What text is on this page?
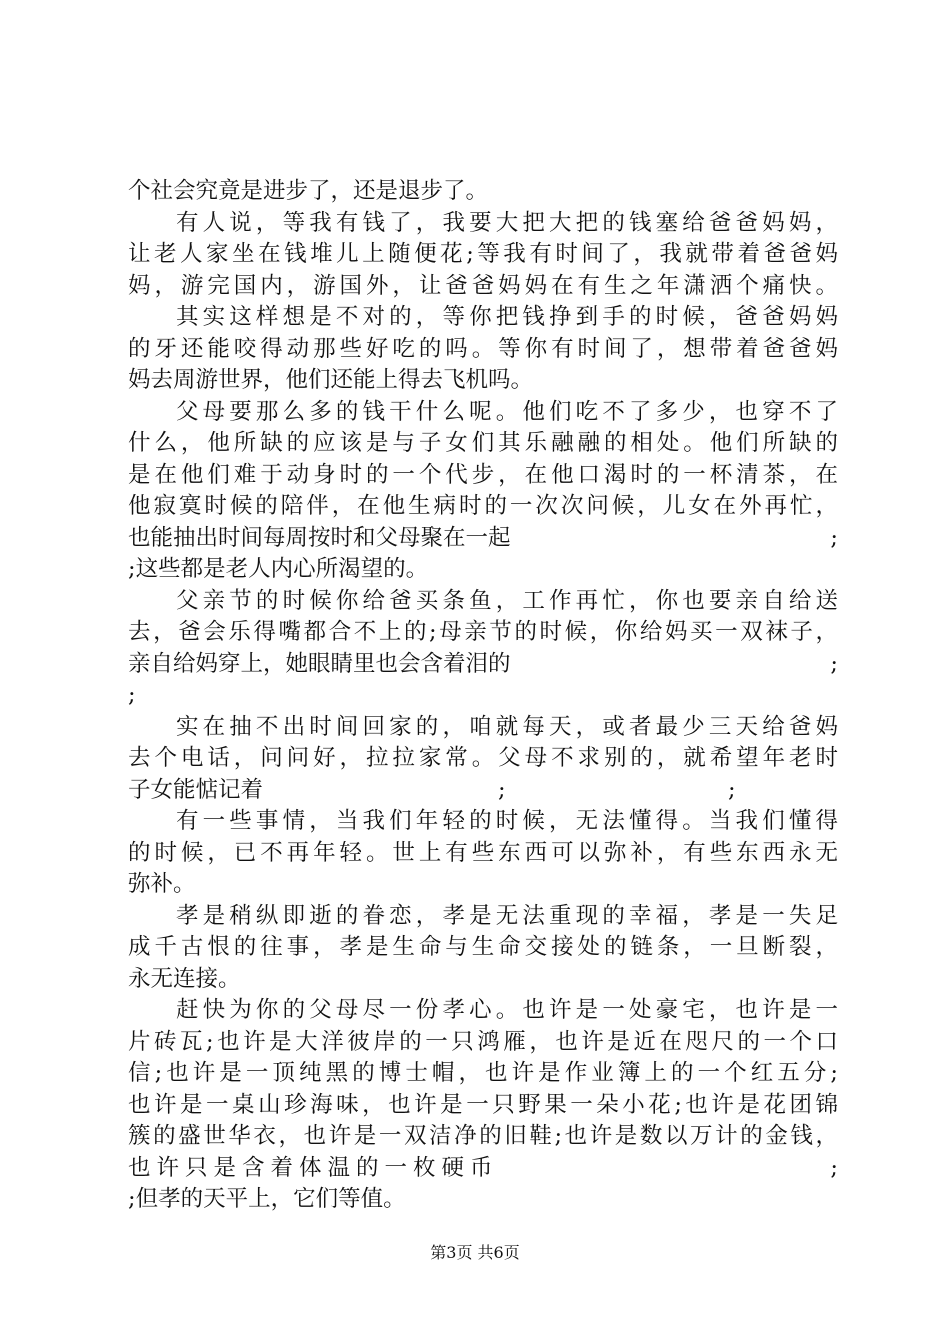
个社会究竟是进步了，还是退步了。
有人说，等我有钱了，我要大把大把的钱塞给爸爸妈妈，
让老人家坐在钱堆儿上随便花;等我有时间了，我就带着爸爸妈
妈，游完国内，游国外，让爸爸妈妈在有生之年潇洒个痛快。
其实这样想是不对的，等你把钱挣到手的时候，爸爸妈妈
的牙还能咬得动那些好吃的吗。等你有时间了，想带着爸爸妈
妈去周游世界，他们还能上得去飞机吗。
父母要那么多的钱干什么呢。他们吃不了多少，也穿不了
什么，他所缺的应该是与子女们其乐融融的相处。他们所缺的
是在他们难于动身时的一个代步，在他口渴时的一杯清茶，在
他寂寞时候的陪伴，在他生病时的一次次问候，儿女在外再忙，
也能抽出时间每周按时和父母聚在一起	;
;这些都是老人内心所渴望的。
父亲节的时候你给爸买条鱼，工作再忙，你也要亲自给送
去，爸会乐得嘴都合不上的;母亲节的时候，你给妈买一双袜子，
亲自给妈穿上，她眼睛里也会含着泪的	;
;
实在抽不出时间回家的，咱就每天，或者最少三天给爸妈
去个电话，问问好，拉拉家常。父母不求别的，就希望年老时
子女能惦记着	;	;
有一些事情，当我们年轻的时候，无法懂得。当我们懂得
的时候，已不再年轻。世上有些东西可以弥补，有些东西永无
弥补。
孝是稍纵即逝的眷恋，孝是无法重现的幸福，孝是一失足
成千古恨的往事，孝是生命与生命交接处的链条，一旦断裂，
永无连接。
赶快为你的父母尽一份孝心。也许是一处豪宅，也许是一
片砖瓦;也许是大洋彼岸的一只鸿雁，也许是近在咫尺的一个口
信;也许是一顶纯黑的博士帽，也许是作业簿上的一个红五分;
也许是一桌山珍海味，也许是一只野果一朵小花;也许是花团锦
簇的盛世华衣，也许是一双洁净的旧鞋;也许是数以万计的金钱，
也许只是含着体温的一枚硬币	;
;但孝的天平上，它们等值。
第3页 共6页
